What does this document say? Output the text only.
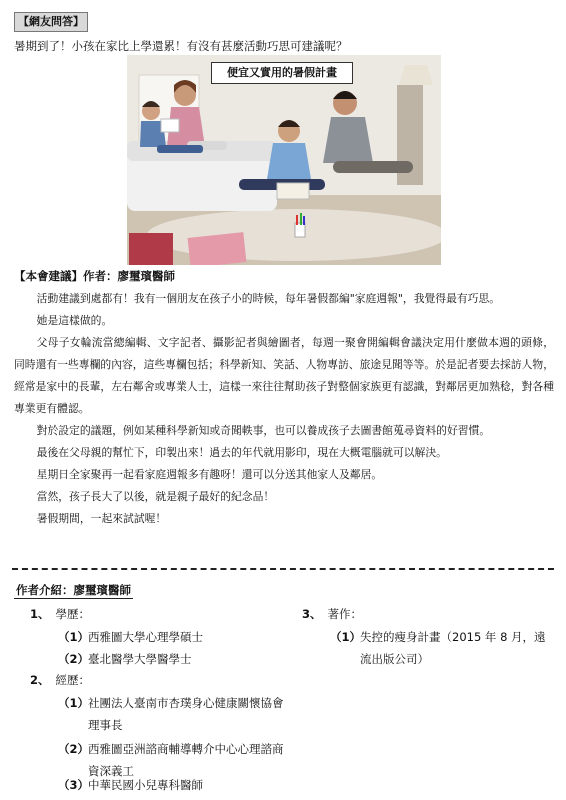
【網友問答】
暑期到了！小孩在家比上學還累！有沒有甚麼活動巧思可建議呢？
便宜又實用的暑假計畫
【本會建議】作者：廖璽璸醫師

活動建議到處都有！我有一個朋友在孩子小的時候，每年暑假都編"家庭週報"，我覺得最有巧思。

她是這樣做的。

父母子女輪流當總編輯、文字記者、攝影記者與繪圖者，每週一聚會開編輯會議決定用什麼做本週的頭條，同時還有一些專欄的內容，這些專欄包括；科學新知、笑話、人物專訪、旅途見聞等等。於是記者要去採訪人物，經常是家中的長輩，左右鄰舍或專業人士，這樣一來往往幫助孩子對整個家族更有認識，對鄰居更加熟稔，對各種專業更有體認。

對於設定的議題，例如某種科學新知或奇聞軼事，也可以養成孩子去圖書館蒐尋資料的好習慣。

最後在父母親的幫忙下，印製出來！過去的年代就用影印，現在大概電腦就可以解決。

星期日全家聚再一起看家庭週報多有趣呀！還可以分送其他家人及鄰居。

當然，孩子長大了以後，就是親子最好的紀念品！

暑假期間，一起來試試喔！

作者介紹：廖璽璸醫師
1、 學歷：
（1）
西雅圖大學心理學碩士
（2）
臺北醫學大學醫學士
2、 經歷：
（1）
社團法人臺南市杏璞身心健康關懷協會理事長
（2）
西雅圖亞洲諮商輔導轉介中心心理諮商資深義工
（3）
中華民國小兒專科醫師
3、 著作：
（1）
失控的瘦身計畫（2015 年 8 月，遠流出版公司）
